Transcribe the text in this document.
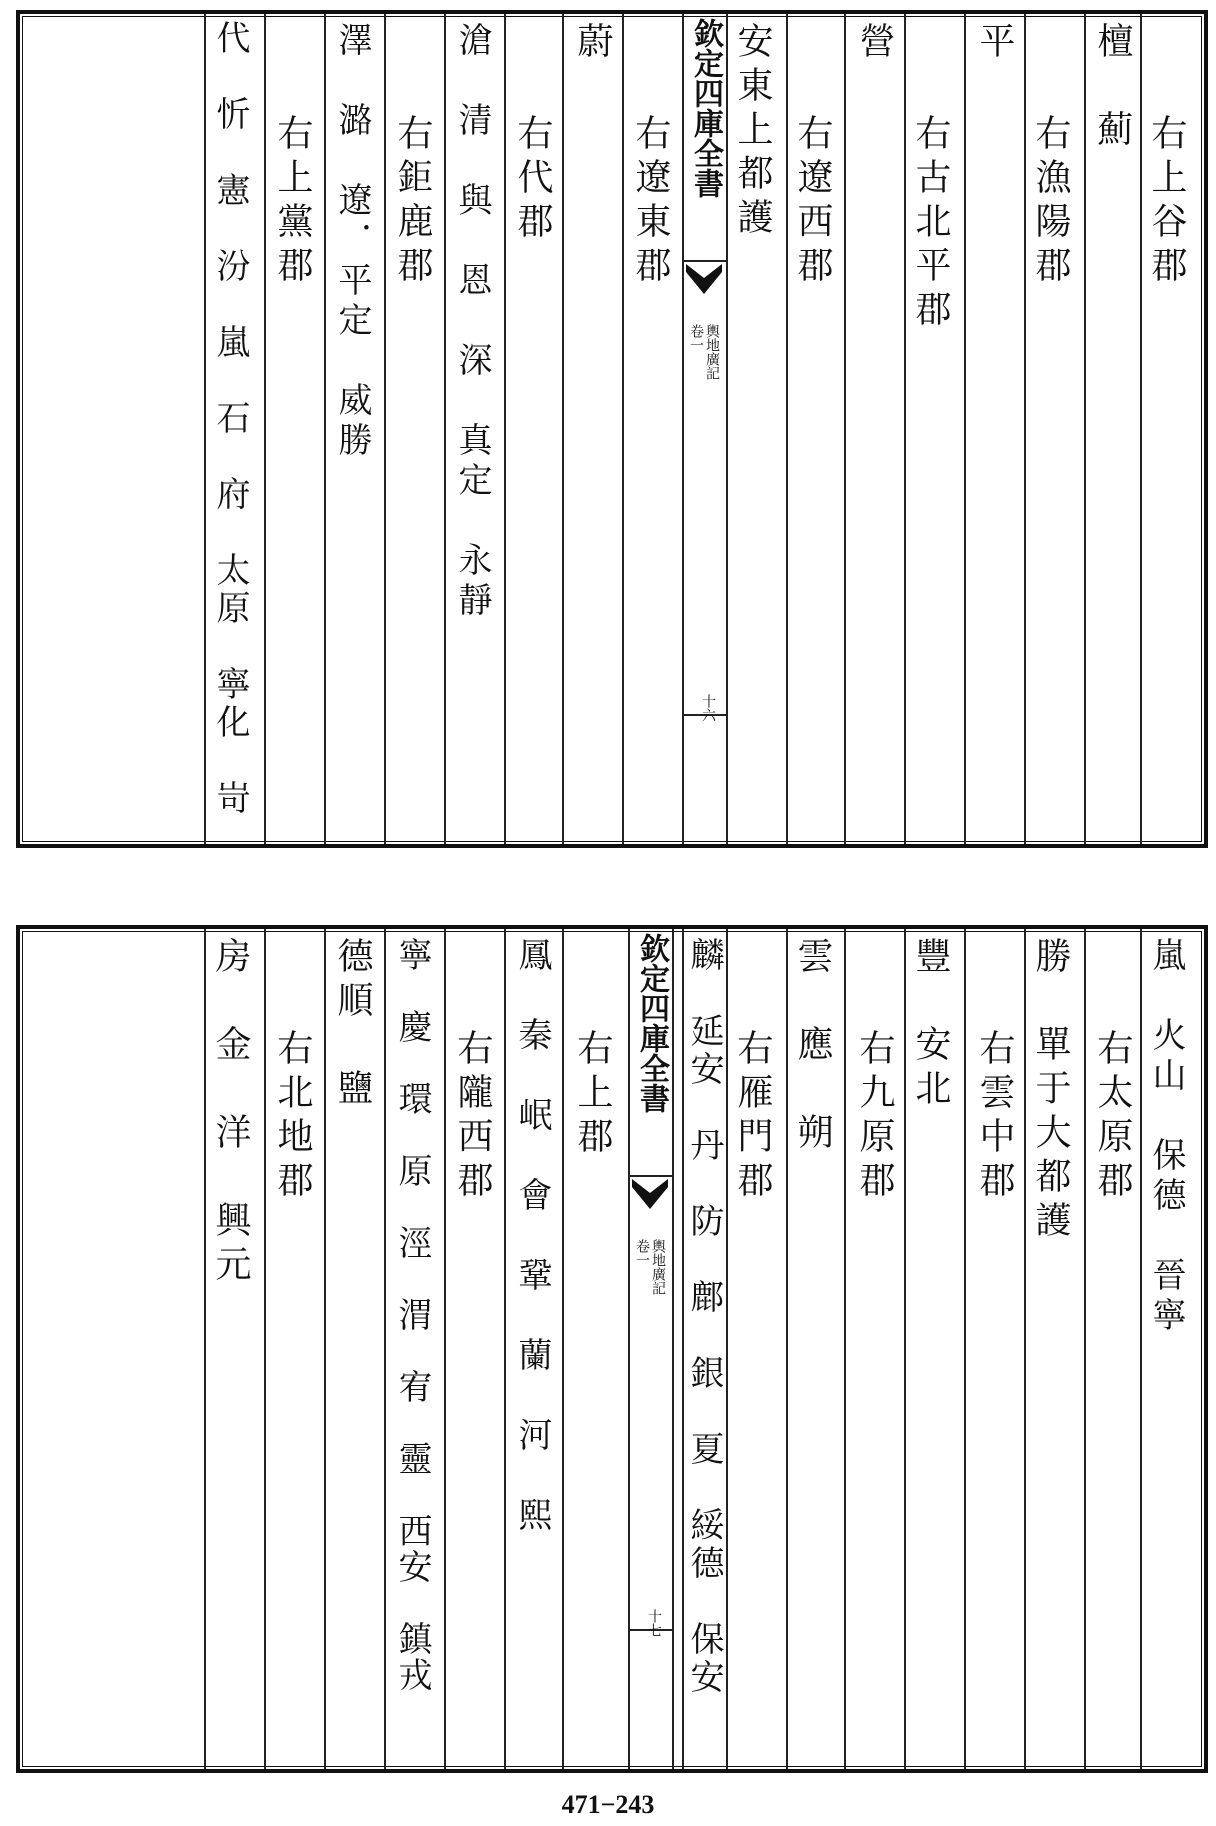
右上谷郡
檀　薊
右漁陽郡
平
右古北平郡
營
右遼西郡
安東上都護
欽定四庫全書
輿地廣記
卷一
十六
右遼東郡
蔚
右代郡
滄　清　與　恩　深　真定　永靜
右鉅鹿郡
澤　潞　遼．平定　威勝
右上黨郡
代　忻　憲　汾　嵐　石　府　太原　寧化　岢
嵐　火山　保德　晉寧
右太原郡
勝　單于大都護
右雲中郡
豐　安北
右九原郡
雲　應　朔
右雁門郡
欽定四庫全書
輿地廣記
卷一
十七 麟　延安　丹　防　鄜　銀　夏　綏德　保安
右上郡
鳳　秦　岷　會　鞏　蘭　河　熙
右隴西郡
寧　慶　環　原　涇　渭　宥　靈　西安　鎮戎
德順　鹽
右北地郡
房　金　洋　興元
471−243
